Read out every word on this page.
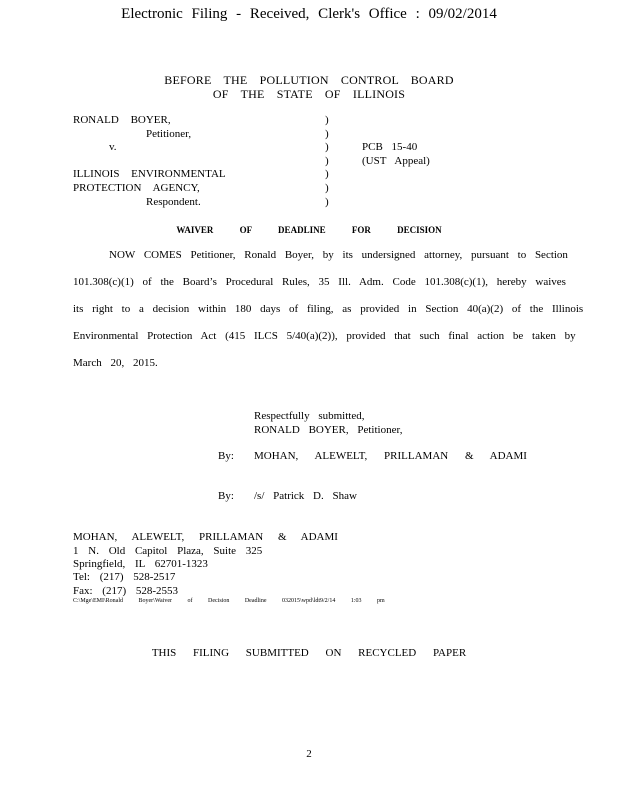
Electronic Filing - Received, Clerk's Office : 09/02/2014
BEFORE THE POLLUTION CONTROL BOARD
OF THE STATE OF ILLINOIS
RONALD BOYER,
Petitioner,
v.
ILLINOIS ENVIRONMENTAL
PROTECTION AGENCY,
Respondent.
)
)
)
)
)
)
)
PCB 15-40
(UST Appeal)
WAIVER OF DEADLINE FOR DECISION
NOW COMES Petitioner, Ronald Boyer, by its undersigned attorney, pursuant to Section
101.308(c)(1) of the Board’s Procedural Rules, 35 Ill. Adm. Code 101.308(c)(1), hereby waives
its right to a decision within 180 days of filing, as provided in Section 40(a)(2) of the Illinois
Environmental Protection Act (415 ILCS 5/40(a)(2)), provided that such final action be taken by
March 20, 2015.
Respectfully submitted,
RONALD BOYER, Petitioner,
By: MOHAN, ALEWELT, PRILLAMAN & ADAMI
By: /s/ Patrick D. Shaw
MOHAN, ALEWELT, PRILLAMAN & ADAMI
1 N. Old Capitol Plaza, Suite 325
Springfield, IL 62701-1323
Tel: (217) 528-2517
Fax: (217) 528-2553
C:\Mge\EMI\Ronald Boyer\Waiver of Decision Deadline 032015\wpd\ldt9/2/14 1:03 pm
THIS FILING SUBMITTED ON RECYCLED PAPER
2
